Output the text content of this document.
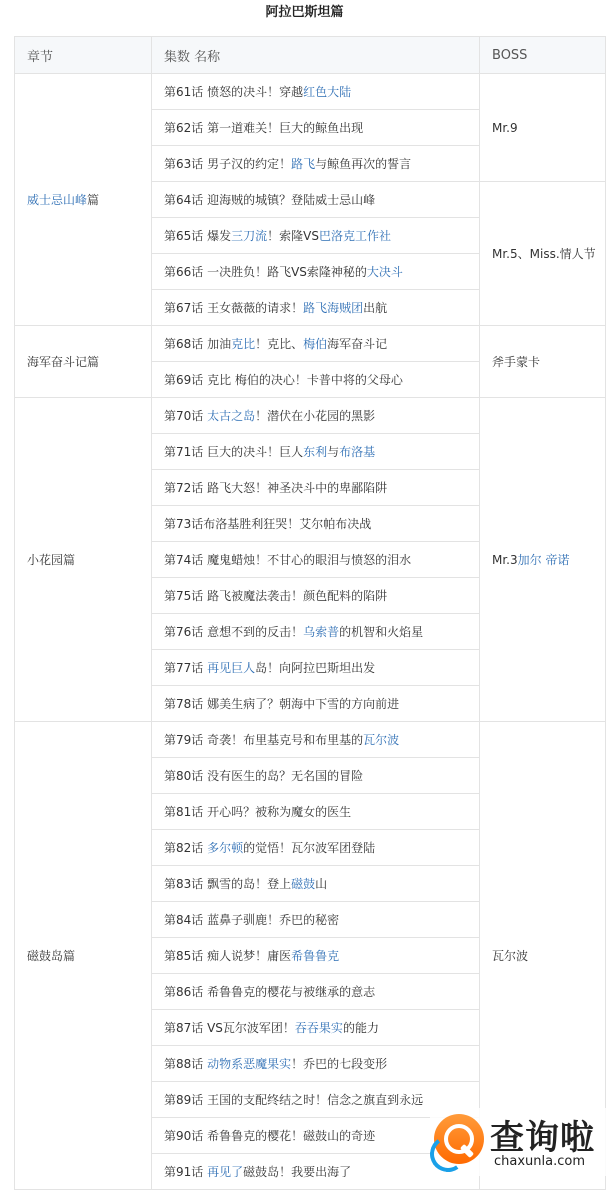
阿拉巴斯坦篇
章节	集数 名称	BOSS
威士忌山峰篇	第61话 愤怒的决斗！穿越红色大陆	Mr.9
	第62话 第一道难关！巨大的鲸鱼出现	
	第63话 男子汉的约定！路飞与鲸鱼再次的誓言	
	第64话 迎海贼的城镇？登陆威士忌山峰	Mr.5、Miss.情人节
	第65话 爆发三刀流！索隆VS巴洛克工作社	
	第66话 一决胜负！路飞VS索隆神秘的大决斗	
	第67话 王女薇薇的请求！路飞海贼团出航	
海军奋斗记篇	第68话 加油克比！克比、梅伯海军奋斗记	斧手蒙卡
	第69话 克比 梅伯的决心！卡普中将的父母心	
小花园篇	第70话 太古之岛！潜伏在小花园的黑影	Mr.3加尔 帝诺
	第71话 巨大的决斗！巨人东利与布洛基	
	第72话 路飞大怒！神圣决斗中的卑鄙陷阱	
	第73话布洛基胜利狂哭！艾尔帕布决战	
	第74话 魔鬼蜡烛！不甘心的眼泪与愤怒的泪水	
	第75话 路飞被魔法袭击！颜色配料的陷阱	
	第76话 意想不到的反击！乌索普的机智和火焰星	
	第77话 再见巨人岛！向阿拉巴斯坦出发	
	第78话 娜美生病了？朝海中下雪的方向前进	
磁鼓岛篇	第79话 奇袭！布里基克号和布里基的瓦尔波	瓦尔波
	第80话 没有医生的岛？无名国的冒险	
	第81话 开心吗？被称为魔女的医生	
	第82话 多尔顿的觉悟！瓦尔波军团登陆	
	第83话 飘雪的岛！登上磁鼓山	
	第84话 蓝鼻子驯鹿！乔巴的秘密	
	第85话 痴人说梦！庸医希鲁鲁克	
	第86话 希鲁鲁克的樱花与被继承的意志	
	第87话 VS瓦尔波军团！吞吞果实的能力	
	第88话 动物系恶魔果实！乔巴的七段变形	
	第89话 王国的支配终结之时！信念之旗直到永远	
	第90话 希鲁鲁克的樱花！磁鼓山的奇迹	
	第91话 再见了磁鼓岛！我要出海了	
查询啦
chaxunla.com
